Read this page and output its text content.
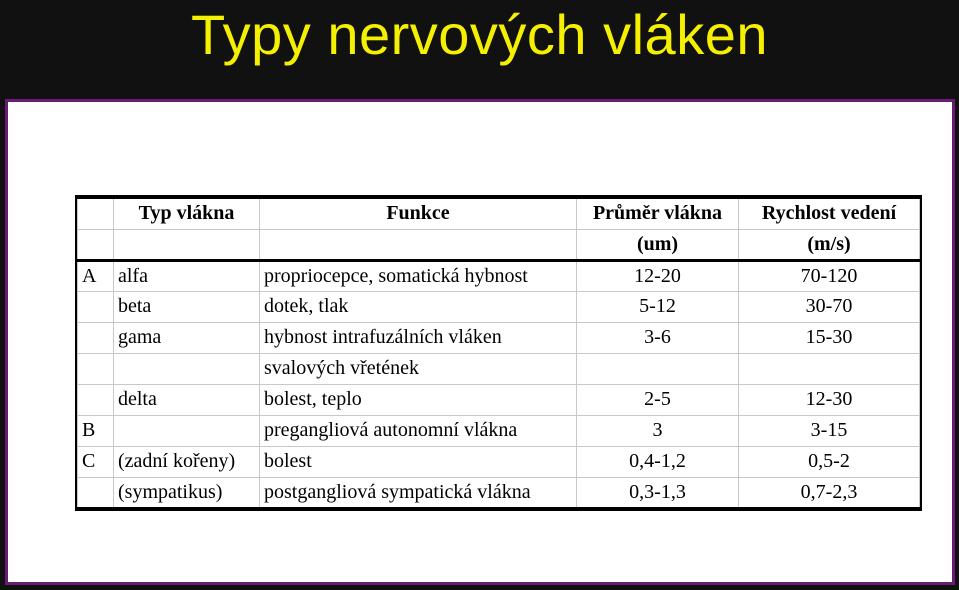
Typy nervových vláken
	Typ vlákna	Funkce	Průměr vlákna	Rychlost vedení
			(um)	(m/s)
A	alfa	propriocepce, somatická hybnost	12-20	70-120
	beta	dotek, tlak	5-12	30-70
	gama	hybnost intrafuzálních vláken	3-6	15-30
		svalových vřetének		
	delta	bolest, teplo	2-5	12-30
B		pregangliová autonomní vlákna	3	3-15
C	(zadní kořeny)	bolest	0,4-1,2	0,5-2
	(sympatikus)	postgangliová sympatická vlákna	0,3-1,3	0,7-2,3
